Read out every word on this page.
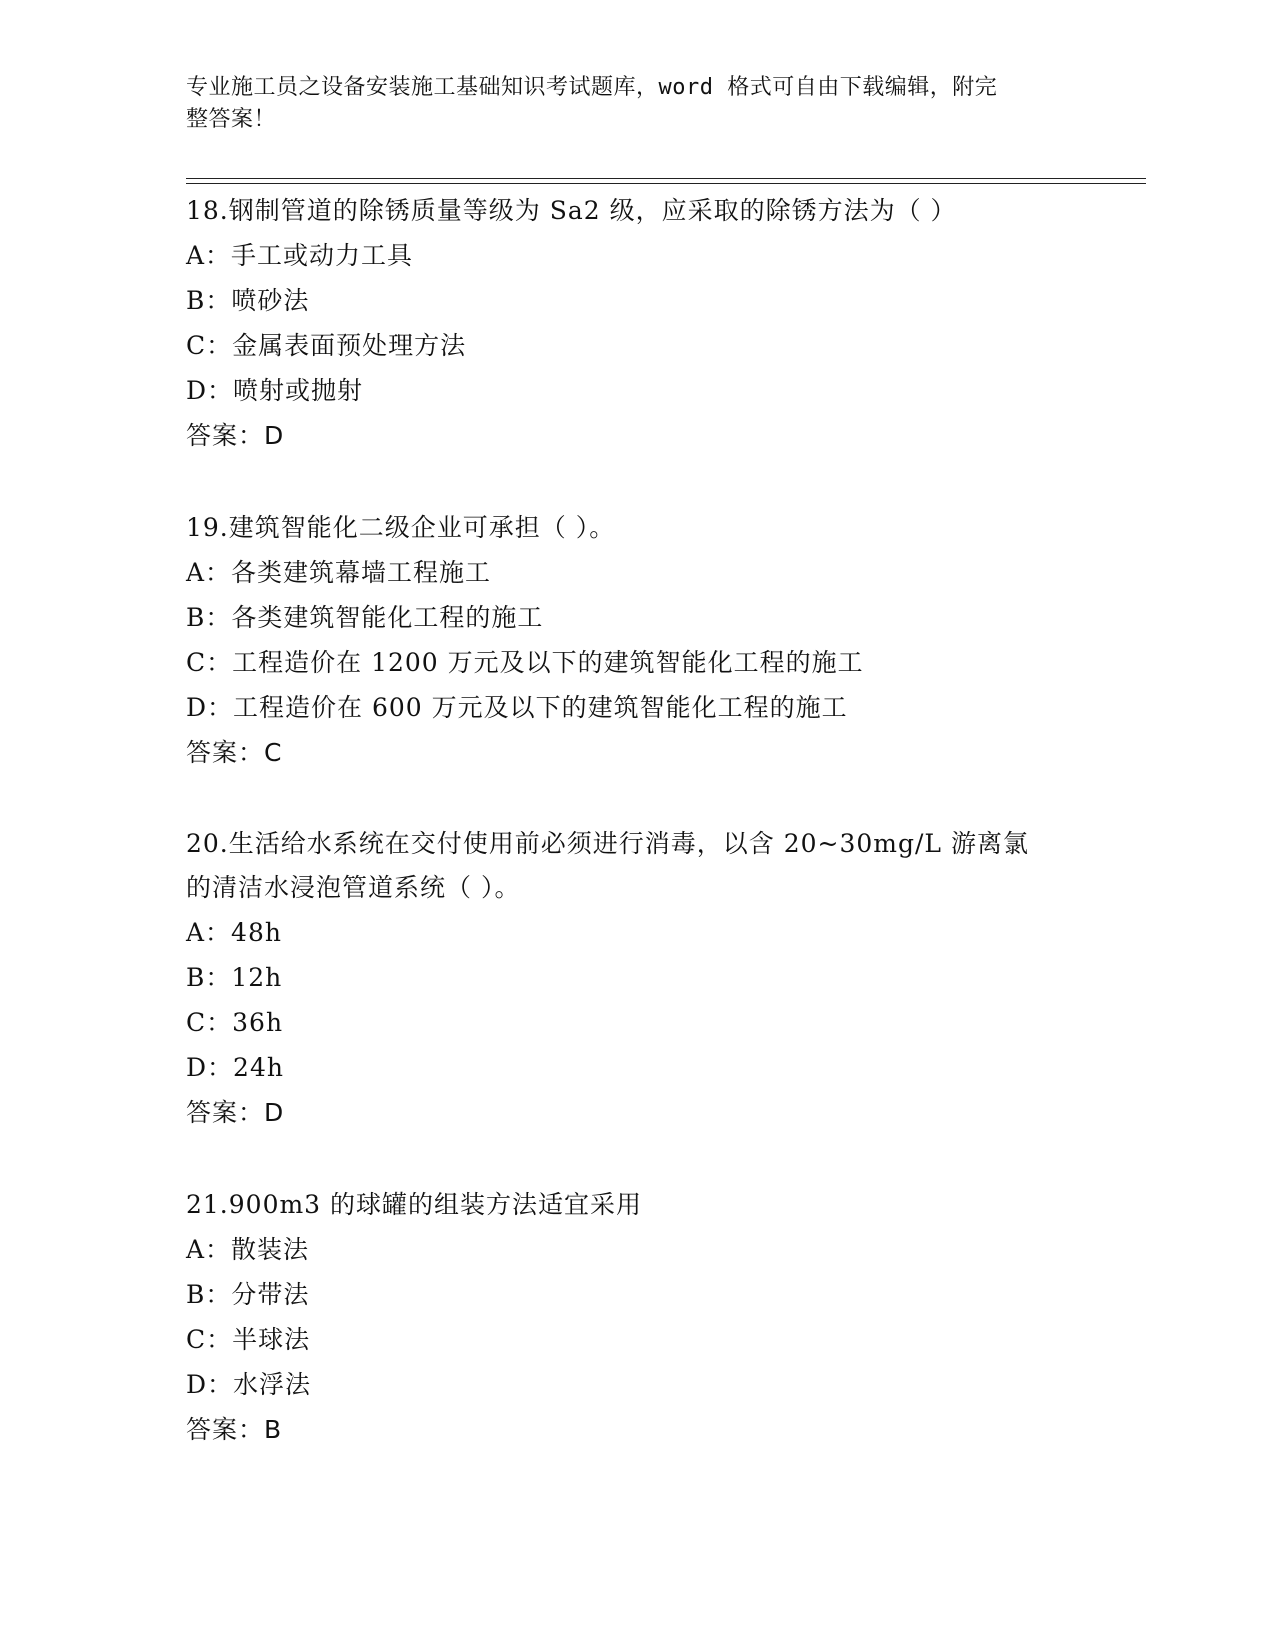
专业施工员之设备安装施工基础知识考试题库，word 格式可自由下载编辑，附完
整答案！

18.钢制管道的除锈质量等级为 Sa2 级，应采取的除锈方法为（ ）

A：手工或动力工具

B：喷砂法

C：金属表面预处理方法

D：喷射或抛射

答案：D

19.建筑智能化二级企业可承担（ ）。

A：各类建筑幕墙工程施工

B：各类建筑智能化工程的施工

C：工程造价在 1200 万元及以下的建筑智能化工程的施工

D：工程造价在 600 万元及以下的建筑智能化工程的施工

答案：C

20.生活给水系统在交付使用前必须进行消毒，以含 20~30mg/L 游离氯

的清洁水浸泡管道系统（ ）。

A：48h

B：12h

C：36h

D：24h

答案：D

21.900m3 的球罐的组装方法适宜采用

A：散装法

B：分带法

C：半球法

D：水浮法

答案：B
